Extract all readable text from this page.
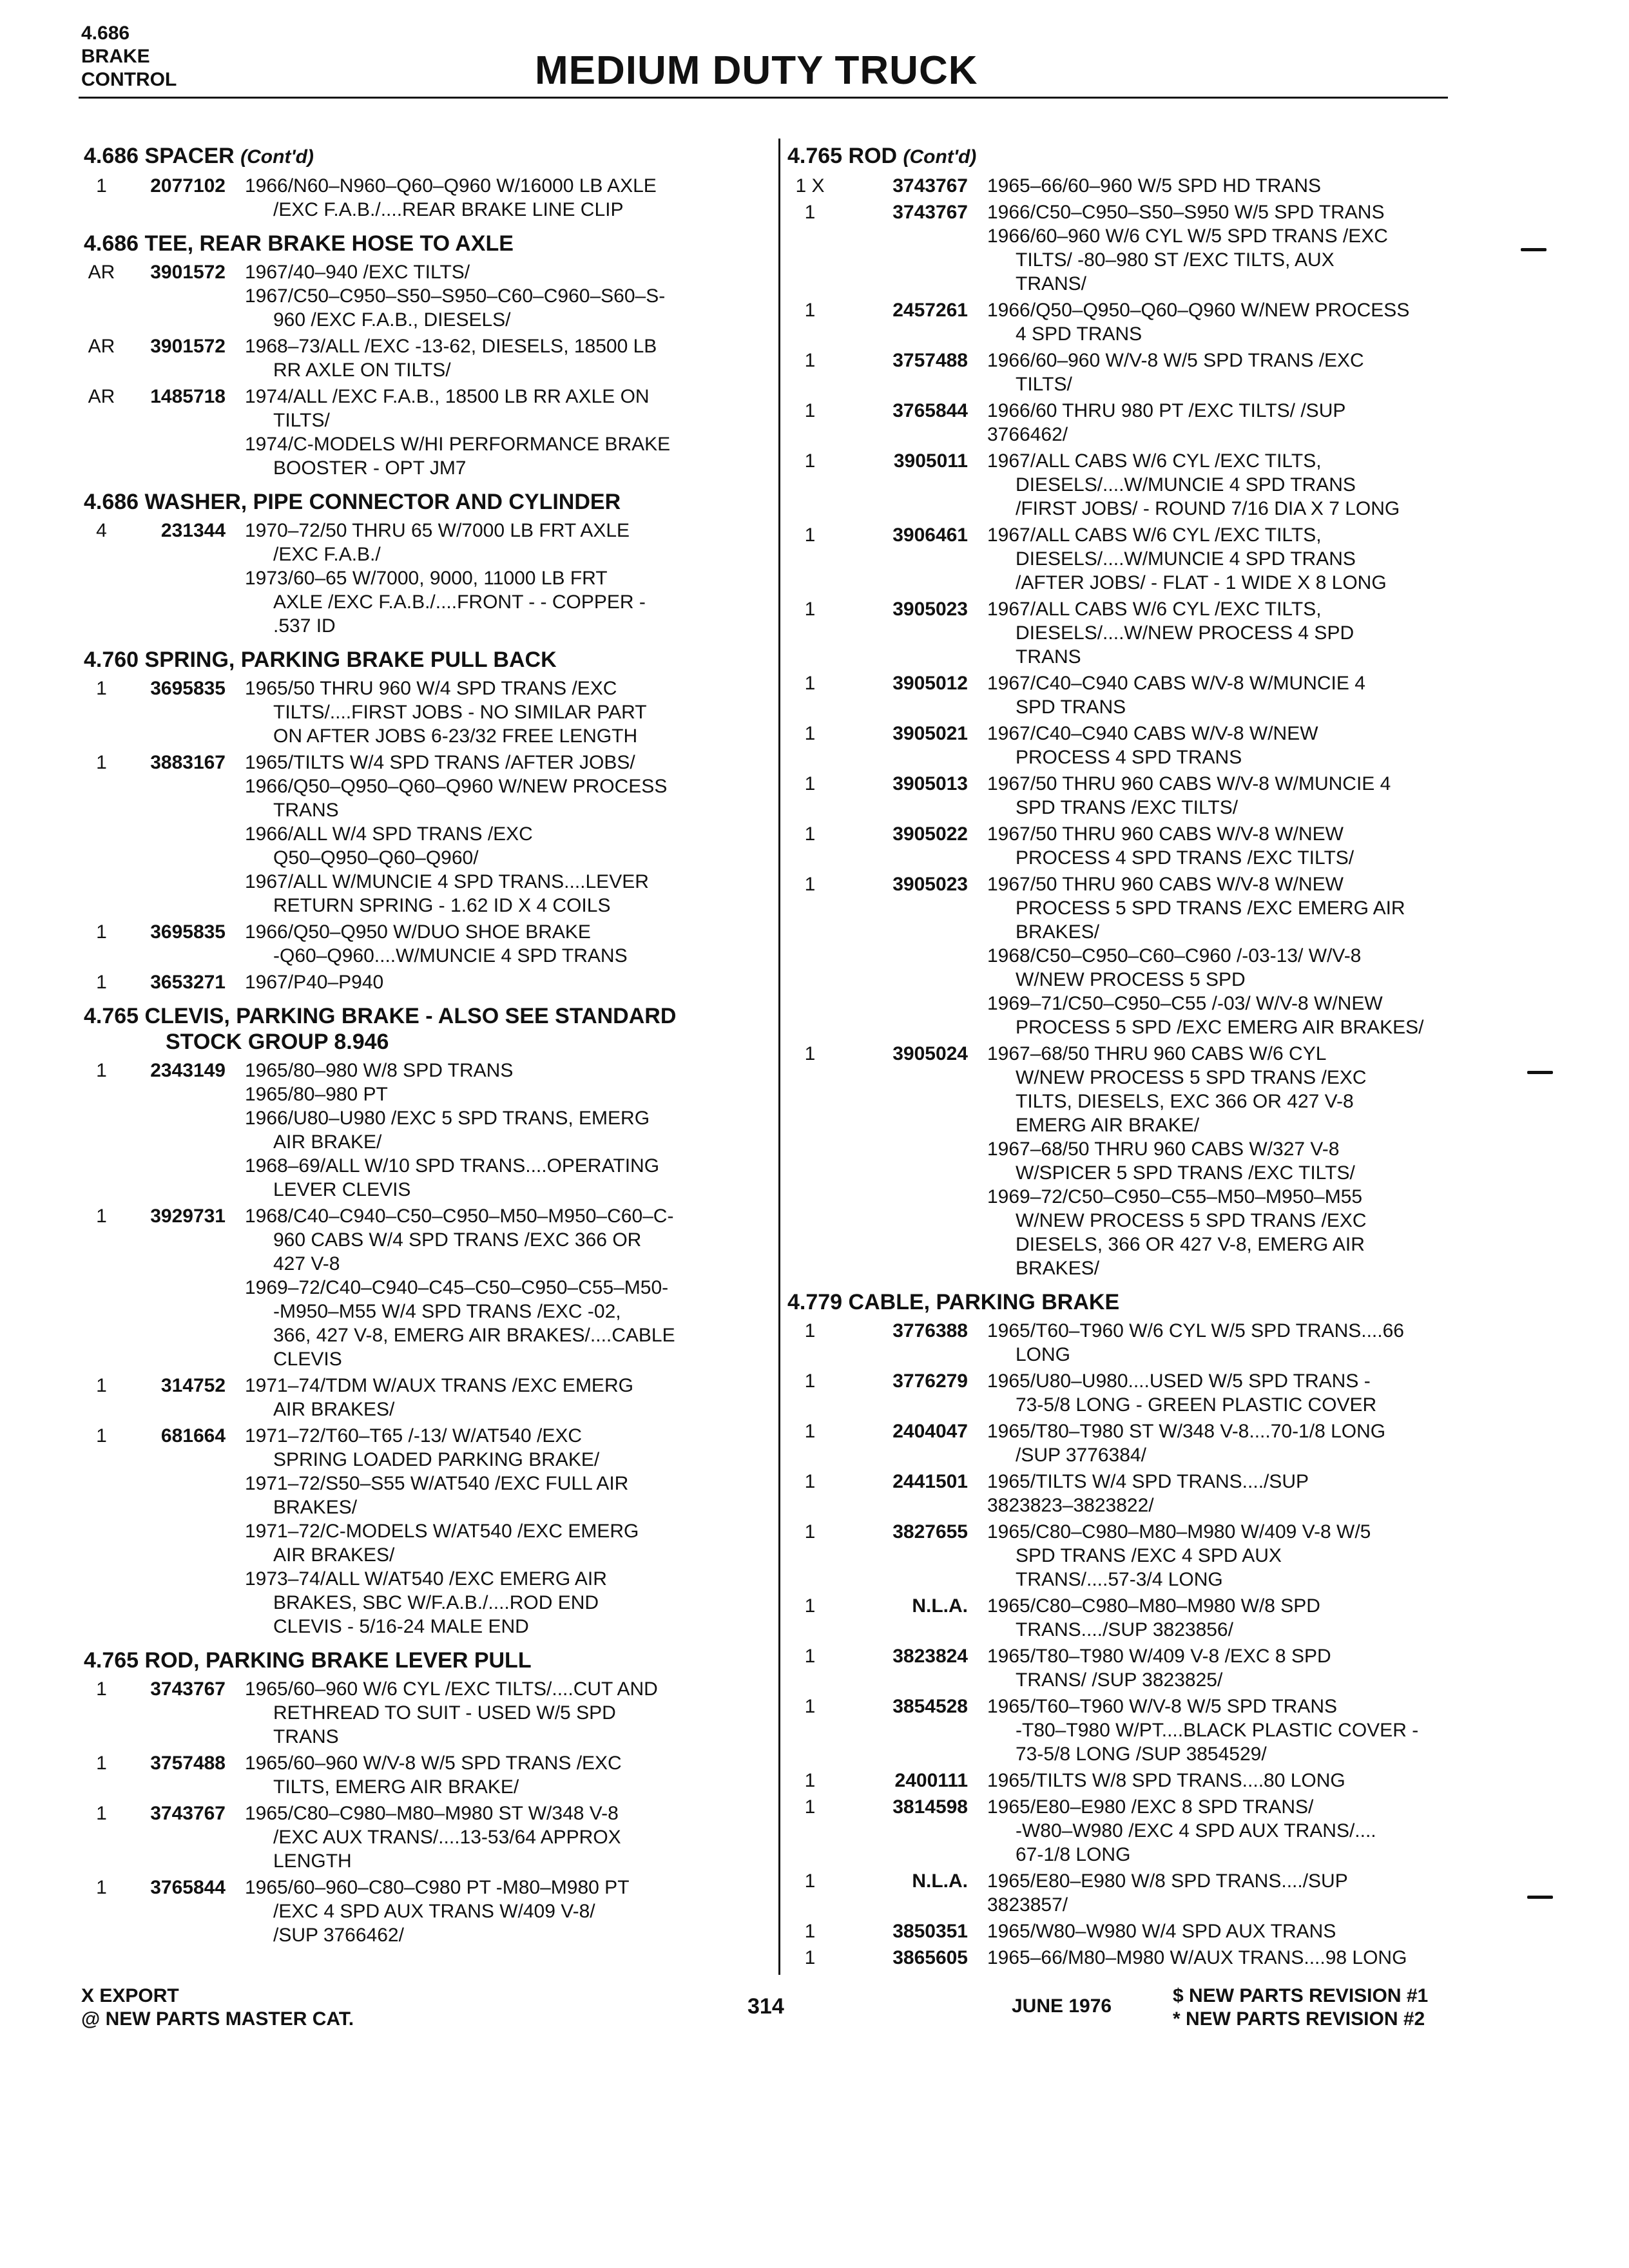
4.686
BRAKE
CONTROL	MEDIUM DUTY TRUCK
4.686 SPACER (Cont'd)
1	2077102	1966/N60–N960–Q60–Q960 W/16000 LB AXLE
/EXC F.A.B./....REAR BRAKE LINE CLIP
4.686 TEE, REAR BRAKE HOSE TO AXLE
AR	3901572	1967/40–940 /EXC TILTS/
1967/C50–C950–S50–S950–C60–C960–S60–S-
960 /EXC F.A.B., DIESELS/
AR	3901572	1968–73/ALL /EXC -13-62, DIESELS, 18500 LB
RR AXLE ON TILTS/
AR	1485718	1974/ALL /EXC F.A.B., 18500 LB RR AXLE ON
TILTS/
1974/C-MODELS W/HI PERFORMANCE BRAKE
BOOSTER - OPT JM7
4.686 WASHER, PIPE CONNECTOR AND CYLINDER
4	231344	1970–72/50 THRU 65 W/7000 LB FRT AXLE
/EXC F.A.B./
1973/60–65 W/7000, 9000, 11000 LB FRT
AXLE /EXC F.A.B./....FRONT - - COPPER -
.537 ID
4.760 SPRING, PARKING BRAKE PULL BACK
1	3695835	1965/50 THRU 960 W/4 SPD TRANS /EXC
TILTS/....FIRST JOBS - NO SIMILAR PART
ON AFTER JOBS 6-23/32 FREE LENGTH
1	3883167	1965/TILTS W/4 SPD TRANS /AFTER JOBS/
1966/Q50–Q950–Q60–Q960 W/NEW PROCESS
TRANS
1966/ALL W/4 SPD TRANS /EXC
Q50–Q950–Q60–Q960/
1967/ALL W/MUNCIE 4 SPD TRANS....LEVER
RETURN SPRING - 1.62 ID X 4 COILS
1	3695835	1966/Q50–Q950 W/DUO SHOE BRAKE
-Q60–Q960....W/MUNCIE 4 SPD TRANS
1	3653271	1967/P40–P940
4.765 CLEVIS, PARKING BRAKE - ALSO SEE STANDARD
STOCK GROUP 8.946
1	2343149	1965/80–980 W/8 SPD TRANS
1965/80–980 PT
1966/U80–U980 /EXC 5 SPD TRANS, EMERG
AIR BRAKE/
1968–69/ALL W/10 SPD TRANS....OPERATING
LEVER CLEVIS
1	3929731	1968/C40–C940–C50–C950–M50–M950–C60–C-
960 CABS W/4 SPD TRANS /EXC 366 OR
427 V-8
1969–72/C40–C940–C45–C50–C950–C55–M50-
-M950–M55 W/4 SPD TRANS /EXC -02,
366, 427 V-8, EMERG AIR BRAKES/....CABLE
CLEVIS
1	314752	1971–74/TDM W/AUX TRANS /EXC EMERG
AIR BRAKES/
1	681664	1971–72/T60–T65 /-13/ W/AT540 /EXC
SPRING LOADED PARKING BRAKE/
1971–72/S50–S55 W/AT540 /EXC FULL AIR
BRAKES/
1971–72/C-MODELS W/AT540 /EXC EMERG
AIR BRAKES/
1973–74/ALL W/AT540 /EXC EMERG AIR
BRAKES, SBC W/F.A.B./....ROD END
CLEVIS - 5/16-24 MALE END
4.765 ROD, PARKING BRAKE LEVER PULL
1	3743767	1965/60–960 W/6 CYL /EXC TILTS/....CUT AND
RETHREAD TO SUIT - USED W/5 SPD
TRANS
1	3757488	1965/60–960 W/V-8 W/5 SPD TRANS /EXC
TILTS, EMERG AIR BRAKE/
1	3743767	1965/C80–C980–M80–M980 ST W/348 V-8
/EXC AUX TRANS/....13-53/64 APPROX
LENGTH
1	3765844	1965/60–960–C80–C980 PT -M80–M980 PT
/EXC 4 SPD AUX TRANS W/409 V-8/
/SUP 3766462/
4.765 ROD (Cont'd)
1 X	3743767	1965–66/60–960 W/5 SPD HD TRANS
1	3743767	1966/C50–C950–S50–S950 W/5 SPD TRANS
1966/60–960 W/6 CYL W/5 SPD TRANS /EXC
TILTS/ -80–980 ST /EXC TILTS, AUX
TRANS/
1	2457261	1966/Q50–Q950–Q60–Q960 W/NEW PROCESS
4 SPD TRANS
1	3757488	1966/60–960 W/V-8 W/5 SPD TRANS /EXC
TILTS/
1	3765844	1966/60 THRU 980 PT /EXC TILTS/ /SUP
3766462/
1	3905011	1967/ALL CABS W/6 CYL /EXC TILTS,
DIESELS/....W/MUNCIE 4 SPD TRANS
/FIRST JOBS/ - ROUND 7/16 DIA X 7 LONG
1	3906461	1967/ALL CABS W/6 CYL /EXC TILTS,
DIESELS/....W/MUNCIE 4 SPD TRANS
/AFTER JOBS/ - FLAT - 1 WIDE X 8 LONG
1	3905023	1967/ALL CABS W/6 CYL /EXC TILTS,
DIESELS/....W/NEW PROCESS 4 SPD
TRANS
1	3905012	1967/C40–C940 CABS W/V-8 W/MUNCIE 4
SPD TRANS
1	3905021	1967/C40–C940 CABS W/V-8 W/NEW
PROCESS 4 SPD TRANS
1	3905013	1967/50 THRU 960 CABS W/V-8 W/MUNCIE 4
SPD TRANS /EXC TILTS/
1	3905022	1967/50 THRU 960 CABS W/V-8 W/NEW
PROCESS 4 SPD TRANS /EXC TILTS/
1	3905023	1967/50 THRU 960 CABS W/V-8 W/NEW
PROCESS 5 SPD TRANS /EXC EMERG AIR
BRAKES/
1968/C50–C950–C60–C960 /-03-13/ W/V-8
W/NEW PROCESS 5 SPD
1969–71/C50–C950–C55 /-03/ W/V-8 W/NEW
PROCESS 5 SPD /EXC EMERG AIR BRAKES/
1	3905024	1967–68/50 THRU 960 CABS W/6 CYL
W/NEW PROCESS 5 SPD TRANS /EXC
TILTS, DIESELS, EXC 366 OR 427 V-8
EMERG AIR BRAKE/
1967–68/50 THRU 960 CABS W/327 V-8
W/SPICER 5 SPD TRANS /EXC TILTS/
1969–72/C50–C950–C55–M50–M950–M55
W/NEW PROCESS 5 SPD TRANS /EXC
DIESELS, 366 OR 427 V-8, EMERG AIR
BRAKES/
4.779 CABLE, PARKING BRAKE
1	3776388	1965/T60–T960 W/6 CYL W/5 SPD TRANS....66
LONG
1	3776279	1965/U80–U980....USED W/5 SPD TRANS -
73-5/8 LONG - GREEN PLASTIC COVER
1	2404047	1965/T80–T980 ST W/348 V-8....70-1/8 LONG
/SUP 3776384/
1	2441501	1965/TILTS W/4 SPD TRANS..../SUP
3823823–3823822/
1	3827655	1965/C80–C980–M80–M980 W/409 V-8 W/5
SPD TRANS /EXC 4 SPD AUX
TRANS/....57-3/4 LONG
1	N.L.A.	1965/C80–C980–M80–M980 W/8 SPD
TRANS..../SUP 3823856/
1	3823824	1965/T80–T980 W/409 V-8 /EXC 8 SPD
TRANS/ /SUP 3823825/
1	3854528	1965/T60–T960 W/V-8 W/5 SPD TRANS
-T80–T980 W/PT....BLACK PLASTIC COVER -
73-5/8 LONG /SUP 3854529/
1	2400111	1965/TILTS W/8 SPD TRANS....80 LONG
1	3814598	1965/E80–E980 /EXC 8 SPD TRANS/
-W80–W980 /EXC 4 SPD AUX TRANS/....
67-1/8 LONG
1	N.L.A.	1965/E80–E980 W/8 SPD TRANS..../SUP
3823857/
1	3850351	1965/W80–W980 W/4 SPD AUX TRANS
1	3865605	1965–66/M80–M980 W/AUX TRANS....98 LONG
X EXPORT
@ NEW PARTS MASTER CAT.
314	JUNE 1976	$ NEW PARTS REVISION #1
* NEW PARTS REVISION #2
